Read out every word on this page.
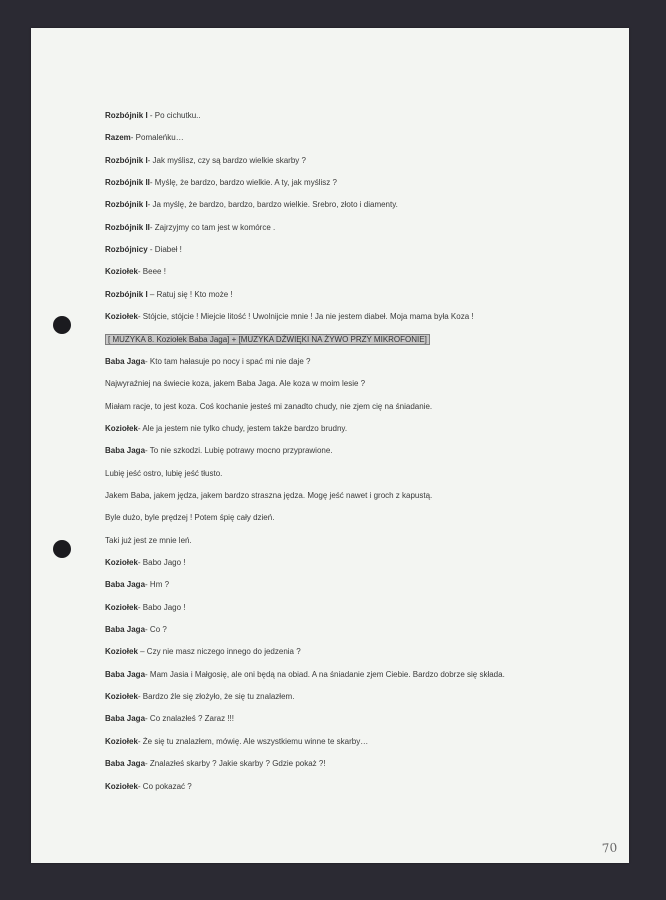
Rozbójnik I - Po cichutku..
Razem- Pomaleńku…
Rozbójnik I- Jak myślisz, czy są bardzo wielkie skarby ?
Rozbójnik II- Myślę, że bardzo, bardzo wielkie. A ty, jak myślisz ?
Rozbójnik I- Ja myślę, że bardzo, bardzo, bardzo wielkie. Srebro, złoto i diamenty.
Rozbójnik II- Zajrzyjmy co tam jest w komórce .
Rozbójnicy - Diabeł !
Koziołek- Beee !
Rozbójnik I – Ratuj się ! Kto może !
Koziołek- Stójcie, stójcie ! Miejcie litość ! Uwolnijcie mnie ! Ja nie jestem diabeł. Moja mama była Koza !
[ MUZYKA 8. Koziołek Baba Jaga] + [MUZYKA DŹWIĘKI NA ŻYWO PRZY MIKROFONIE]
Baba Jaga- Kto tam hałasuje po nocy i spać mi nie daje ?
Najwyraźniej na świecie koza, jakem Baba Jaga. Ale koza w moim lesie ?
Miałam racje, to jest koza. Coś kochanie jesteś mi zanadto chudy, nie zjem cię na śniadanie.
Koziołek- Ale ja jestem nie tylko chudy, jestem także bardzo brudny.
Baba Jaga- To nie szkodzi. Lubię potrawy mocno przyprawione.
Lubię jeść ostro, lubię jeść tłusto.
Jakem Baba, jakem jędza, jakem bardzo straszna jędza. Mogę jeść nawet i groch z kapustą.
Byle dużo, byle prędzej ! Potem śpię cały dzień.
Taki już jest ze mnie leń.
Koziołek- Babo Jago !
Baba Jaga- Hm ?
Koziołek- Babo Jago !
Baba Jaga- Co ?
Koziołek – Czy nie masz niczego innego do jedzenia ?
Baba Jaga- Mam Jasia i Małgosię, ale oni będą na obiad. A na śniadanie zjem Ciebie. Bardzo dobrze się składa.
Koziołek- Bardzo źle się złożyło, że się tu znalazłem.
Baba Jaga- Co znalazłeś ? Zaraz !!!
Koziołek- Że się tu znalazłem, mówię. Ale wszystkiemu winne te skarby…
Baba Jaga- Znalazłeś skarby ? Jakie skarby ? Gdzie pokaż ?!
Koziołek- Co pokazać ?
70
